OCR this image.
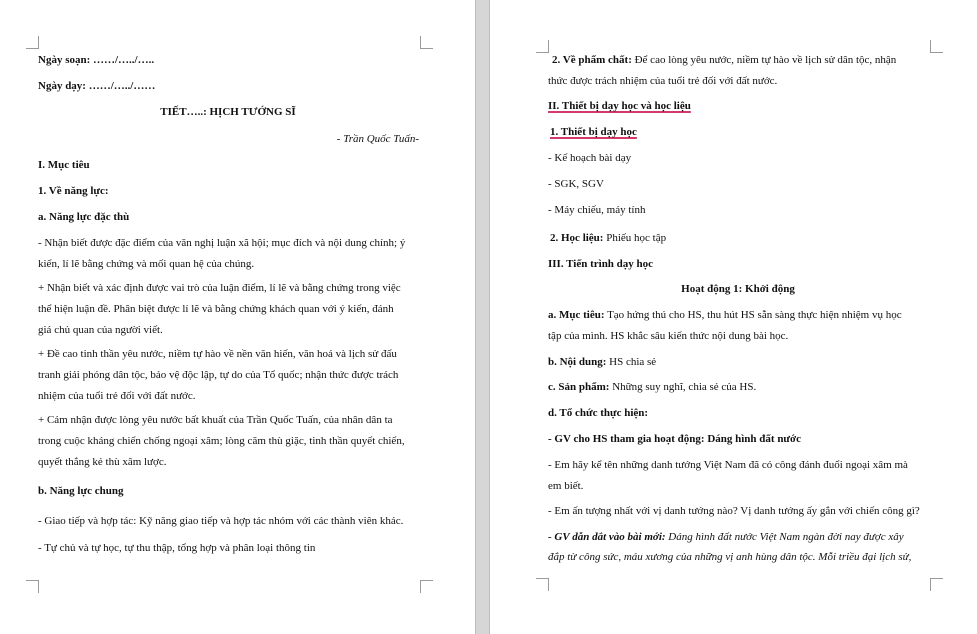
Ngày soạn: ……/…../…..

Ngày dạy: ……/…../……

TIẾT…..: HỊCH TƯỚNG SĨ

- Trần Quốc Tuấn-

I. Mục tiêu

1. Về năng lực:

a. Năng lực đặc thù

- Nhận biết được đặc điểm của văn nghị luận xã hội; mục đích và nội dung chính; ý

kiến, lí lẽ bằng chứng và mối quan hệ của chúng.

+ Nhận biết và xác định được vai trò của luận điểm, lí lẽ và bằng chứng trong việc

thể hiện luận đề. Phân biệt được lí lẽ và bằng chứng khách quan với ý kiến, đánh

giá chủ quan của người viết.

+ Đề cao tinh thần yêu nước, niềm tự hào về nền văn hiến, văn hoá và lịch sử đấu

tranh giải phóng dân tộc, bảo vệ độc lập, tự do của Tổ quốc; nhận thức được trách

nhiệm của tuổi trẻ đối với đất nước.

+ Cảm nhận được lòng yêu nước bất khuất của Trần Quốc Tuấn, của nhân dân ta

trong cuộc kháng chiến chống ngoại xâm; lòng căm thù giặc, tinh thần quyết chiến,

quyết thắng kẻ thù xâm lược.

b. Năng lực chung

- Giao tiếp và hợp tác: Kỹ năng giao tiếp và hợp tác nhóm với các thành viên khác.

- Tự chủ và tự học, tự thu thập, tổng hợp và phân loại thông tin

2. Về phẩm chất: Để cao lòng yêu nước, niềm tự hào về lịch sử dân tộc, nhận

thức được trách nhiệm của tuổi trẻ đối với đất nước.

II. Thiết bị dạy học và học liệu

1. Thiết bị dạy học

- Kế hoạch bài dạy

- SGK, SGV

- Máy chiếu, máy tính

2. Học liệu: Phiếu học tập

III. Tiến trình dạy học

Hoạt động 1: Khởi động

a. Mục tiêu: Tạo hứng thú cho HS, thu hút HS sẵn sàng thực hiện nhiệm vụ học

tập của mình. HS khắc sâu kiến thức nội dung bài học.

b. Nội dung: HS chia sẻ

c. Sản phẩm: Những suy nghĩ, chia sẻ của HS.

d. Tổ chức thực hiện:

- GV cho HS tham gia hoạt động: Dáng hình đất nước

- Em hãy kể tên những danh tướng Việt Nam đã có công đánh đuổi ngoại xâm mà

em biết.

- Em ấn tượng nhất với vị danh tướng nào? Vị danh tướng ấy gắn với chiến công gì?

- GV dẫn dắt vào bài mới: Dáng hình đất nước Việt Nam ngàn đời nay được xây

đắp từ công sức, máu xương của những vị anh hùng dân tộc. Mỗi triều đại lịch sử,
